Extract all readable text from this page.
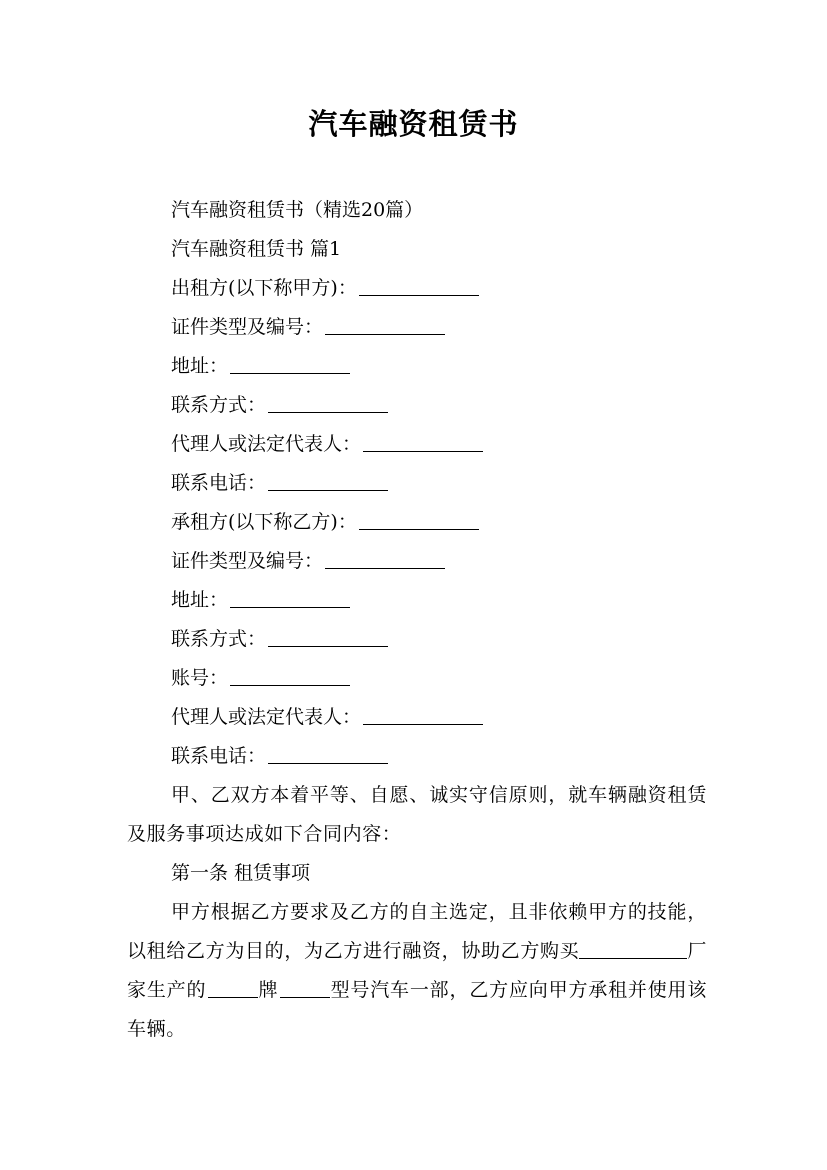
汽车融资租赁书
汽车融资租赁书（精选20篇）
汽车融资租赁书 篇1
出租方(以下称甲方)：
证件类型及编号：
地址：
联系方式：
代理人或法定代表人：
联系电话：
承租方(以下称乙方)：
证件类型及编号：
地址：
联系方式：
账号：
代理人或法定代表人：
联系电话：
甲、乙双方本着平等、自愿、诚实守信原则，就车辆融资租赁及服务事项达成如下合同内容：
第一条 租赁事项
甲方根据乙方要求及乙方的自主选定，且非依赖甲方的技能，以租给乙方为目的，为乙方进行融资，协助乙方购买	厂家生产的	牌	型号汽车一部，乙方应向甲方承租并使用该车辆。
